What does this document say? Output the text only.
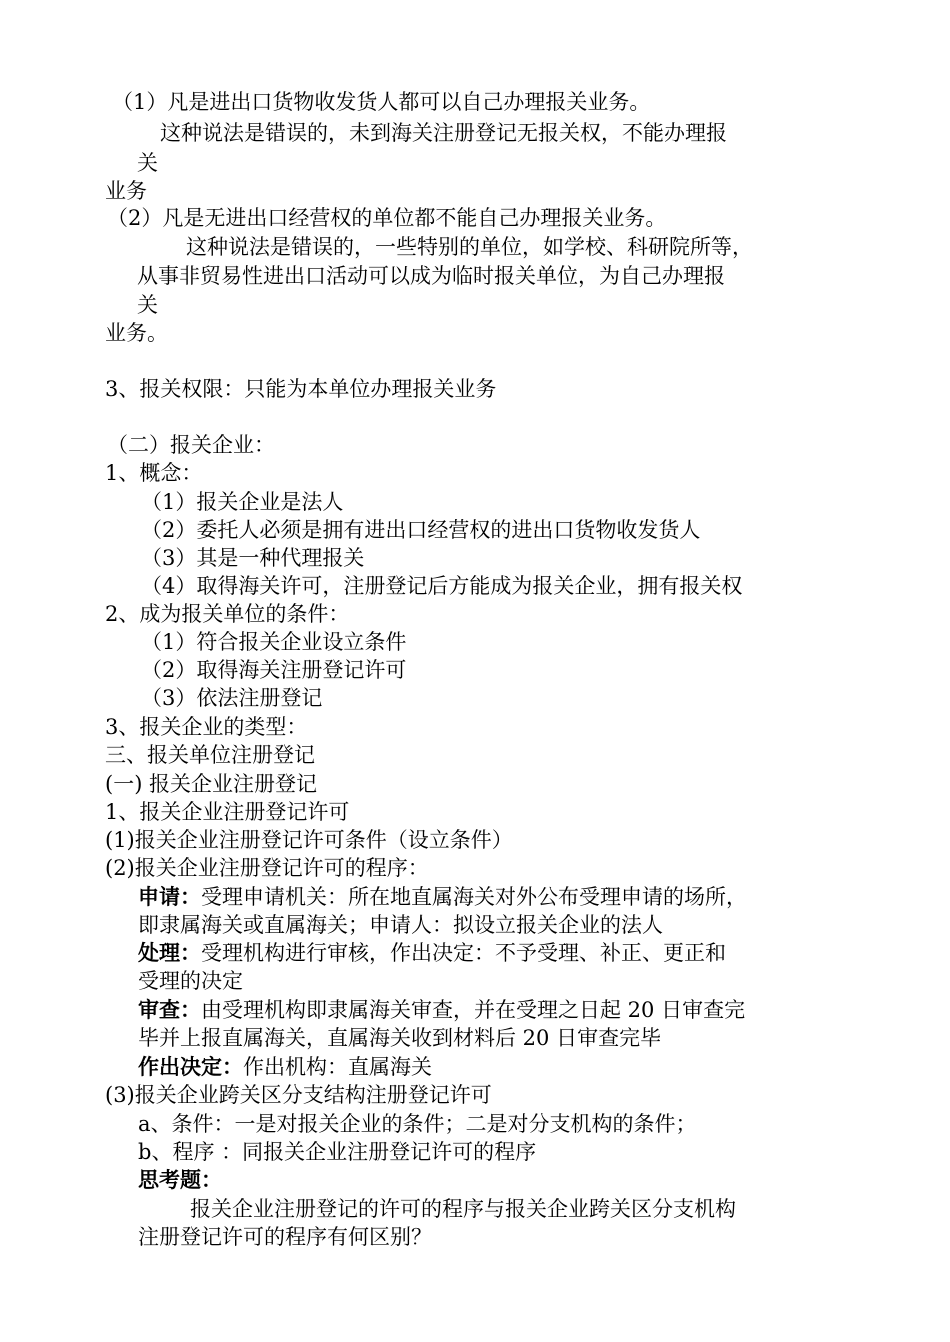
（1）凡是进出口货物收发货人都可以自己办理报关业务。
这种说法是错误的，未到海关注册登记无报关权，不能办理报
关
业务
（2）凡是无进出口经营权的单位都不能自己办理报关业务。
这种说法是错误的，一些特别的单位，如学校、科研院所等，
从事非贸易性进出口活动可以成为临时报关单位，为自己办理报
关
业务。
3、报关权限：只能为本单位办理报关业务
（二）报关企业：
1、概念：
（1）报关企业是法人
（2）委托人必须是拥有进出口经营权的进出口货物收发货人
（3）其是一种代理报关
（4）取得海关许可，注册登记后方能成为报关企业，拥有报关权
2、成为报关单位的条件：
（1）符合报关企业设立条件
（2）取得海关注册登记许可
（3）依法注册登记
3、报关企业的类型：
三、报关单位注册登记
(一) 报关企业注册登记
1、报关企业注册登记许可
(1)报关企业注册登记许可条件（设立条件）
(2)报关企业注册登记许可的程序：
申请：受理申请机关：所在地直属海关对外公布受理申请的场所，
即隶属海关或直属海关；申请人：拟设立报关企业的法人
处理：受理机构进行审核，作出决定：不予受理、补正、更正和
受理的决定
审查：由受理机构即隶属海关审查，并在受理之日起 20 日审查完
毕并上报直属海关，直属海关收到材料后 20 日审查完毕
作出决定：作出机构：直属海关
(3)报关企业跨关区分支结构注册登记许可
a、条件：一是对报关企业的条件；二是对分支机构的条件；
b、程序 ：同报关企业注册登记许可的程序
思考题：
报关企业注册登记的许可的程序与报关企业跨关区分支机构
注册登记许可的程序有何区别？
